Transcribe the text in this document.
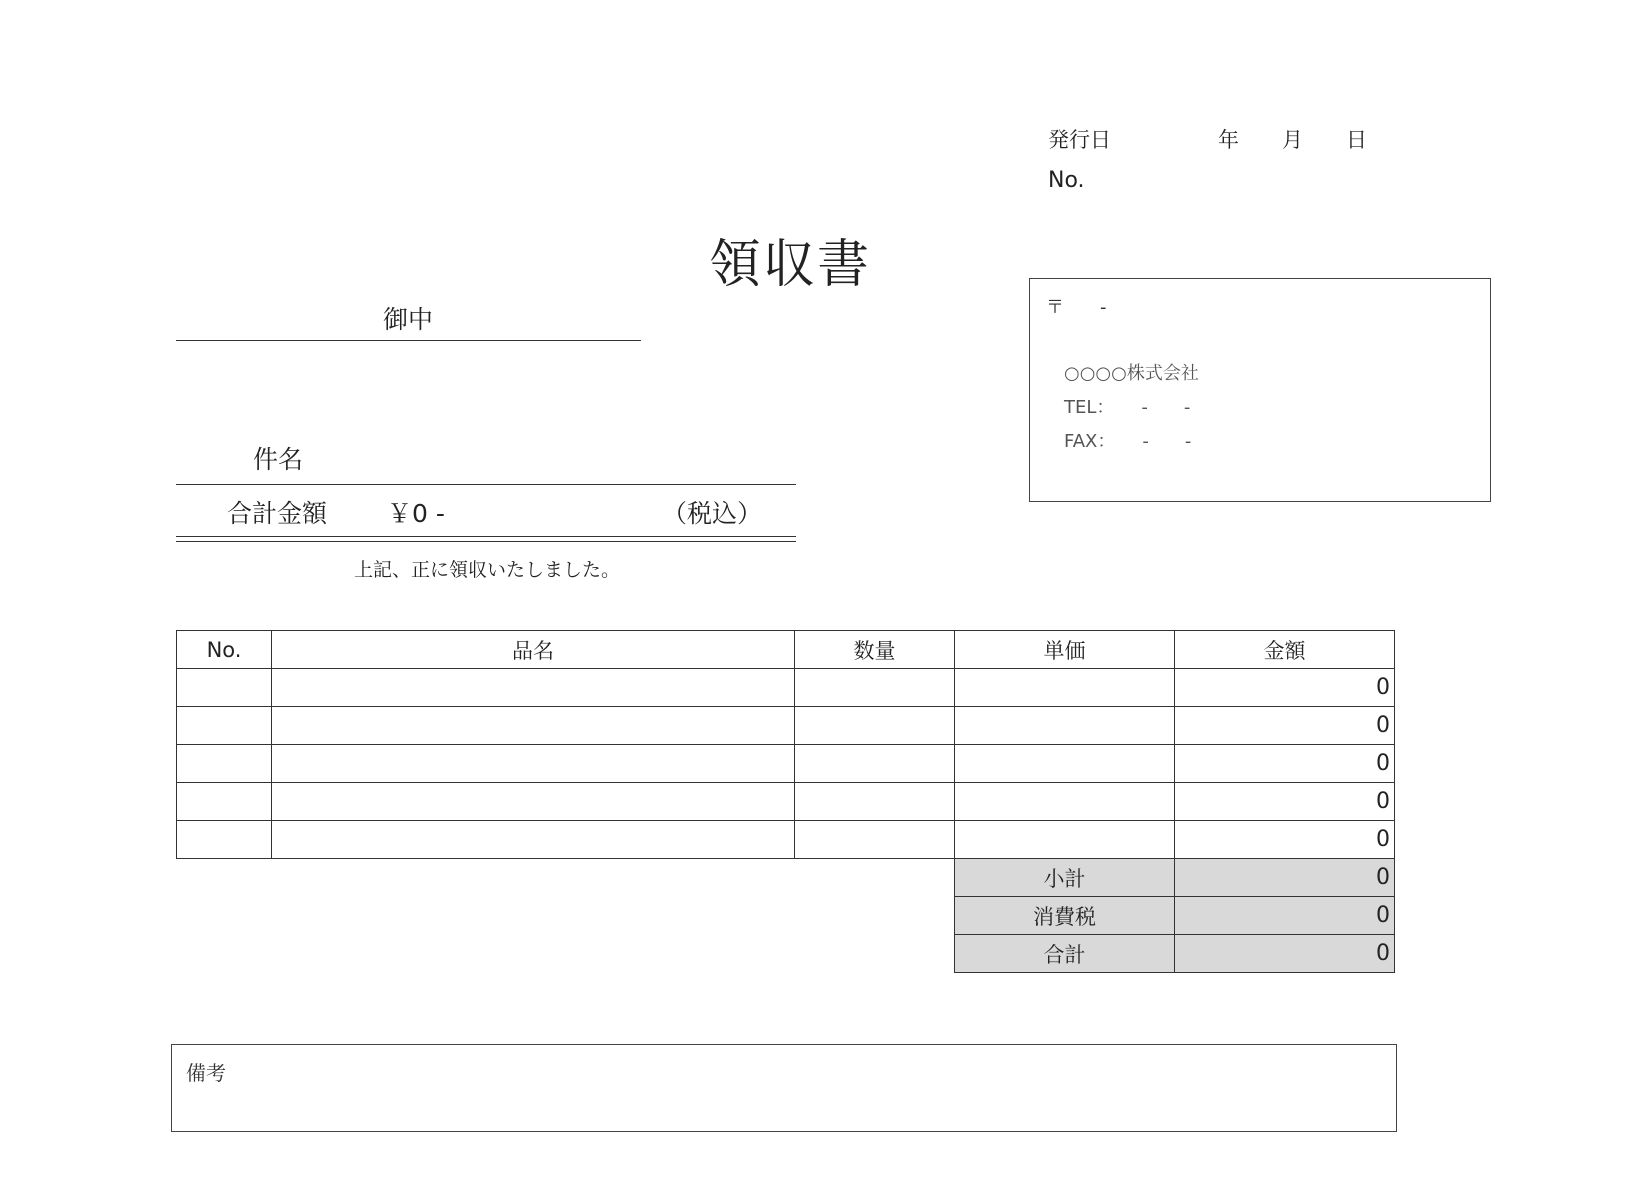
発行日	年 月 日
No.
領収書
御中
件名
合計金額 ￥0 -	（税込）
上記、正に領収いたしました。
〒　　-
○○○○株式会社
TEL：　　-　　-
FAX：　　-　　-
No.	品名	数量	単価	金額
				0
				0
				0
				0
				0
			小計	0
			消費税	0
			合計	0
備考
